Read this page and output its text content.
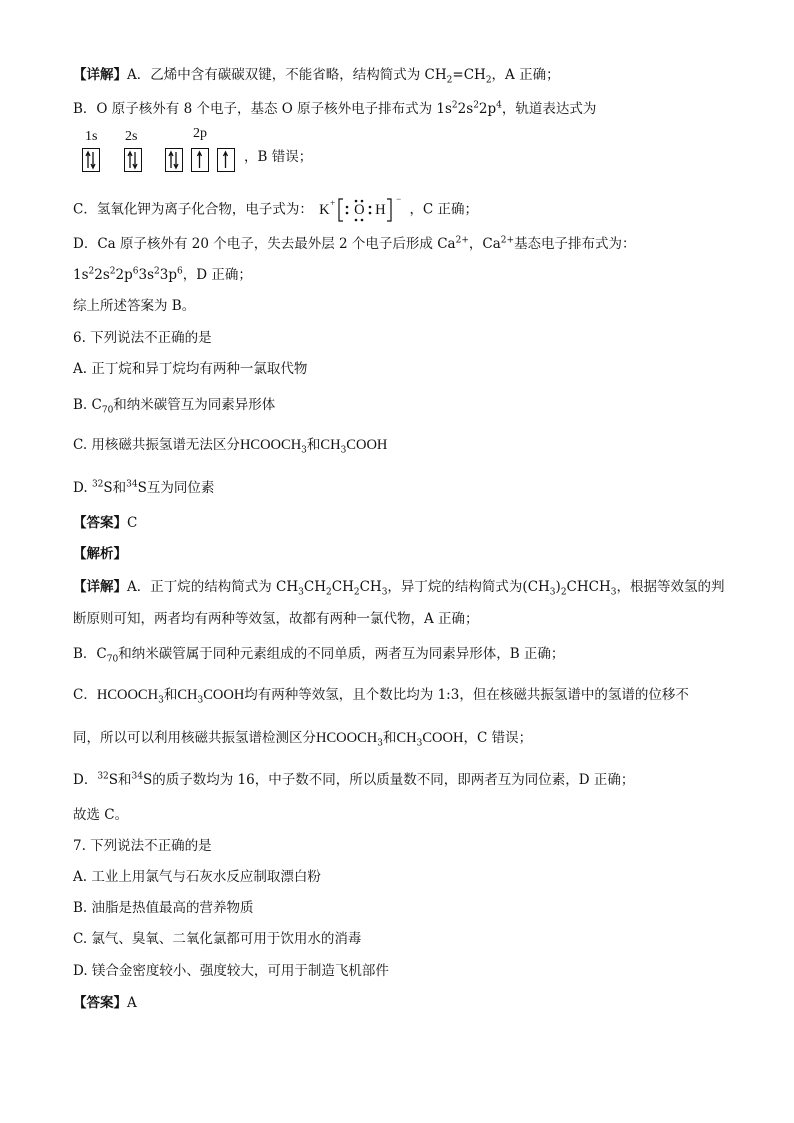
【详解】A．乙烯中含有碳碳双键，不能省略，结构简式为 $CH_2=CH_2$，A 正确；
B．O 原子核外有 8 个电子，基态 O 原子核外电子排布式为 $1s^22s^22p^4$，轨道表达式为
1s 2s	2p
，B 错误；
C．氢氧化钾为离子化合物，电子式为： K + O H
−
，C 正确；
D．Ca 原子核外有 20 个电子，失去最外层 2 个电子后形成 $Ca^{2+}$，$Ca^{2+}$基态电子排布式为：
$1s^22s^22p^63s^23p^6$，D 正确；
综上所述答案为 B。
6. 下列说法不正确的是
A. 正丁烷和异丁烷均有两种一氯取代物
B. $C_{70}$和纳米碳管互为同素异形体
C. 用核磁共振氢谱无法区分$HCOOCH_3$和$CH_3COOH$
D. $^{32}$S和$^{34}$S互为同位素
【答案】C
【解析】
【详解】A．正丁烷的结构简式为 $CH_3CH_2CH_2CH_3$，异丁烷的结构简式为$(CH_3)_2CHCH_3$，根据等效氢的判
断原则可知，两者均有两种等效氢，故都有两种一氯代物，A 正确；
B．$C_{70}$和纳米碳管属于同种元素组成的不同单质，两者互为同素异形体，B 正确；
C．$HCOOCH_3$和$CH_3COOH$均有两种等效氢，且个数比均为 1:3，但在核磁共振氢谱中的氢谱的位移不
同，所以可以利用核磁共振氢谱检测区分$HCOOCH_3$和$CH_3COOH$，C 错误；
D．$^{32}$S和$^{34}$S的质子数均为 16，中子数不同，所以质量数不同，即两者互为同位素，D 正确；
故选 C。
7. 下列说法不正确的是
A. 工业上用氯气与石灰水反应制取漂白粉
B. 油脂是热值最高的营养物质
C. 氯气、臭氧、二氧化氯都可用于饮用水的消毒
D. 镁合金密度较小、强度较大，可用于制造飞机部件
【答案】A
